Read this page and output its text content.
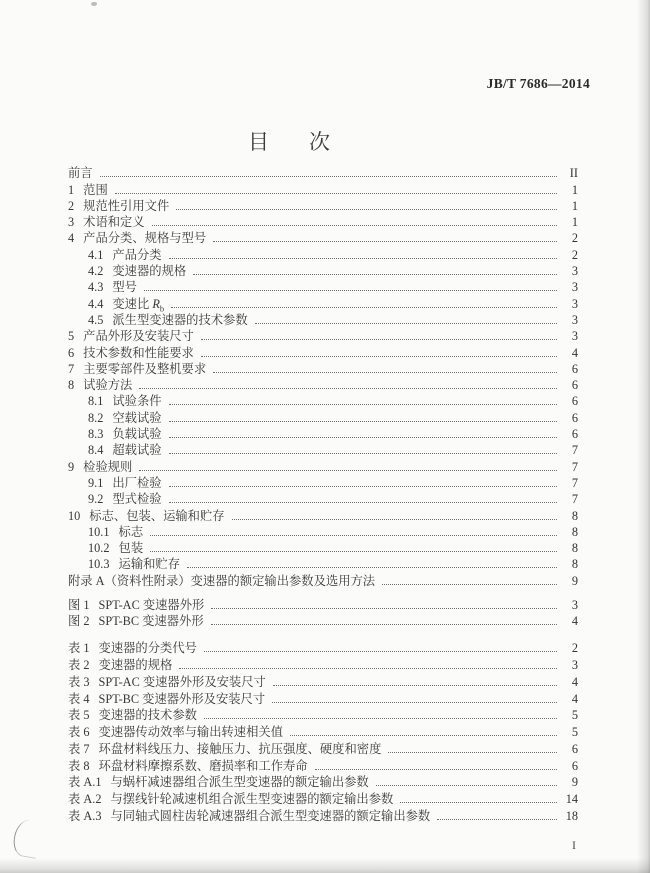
JB/T 7686—2014
目 次
前言	II
1 范围	1
2 规范性引用文件	1
3 术语和定义	1
4 产品分类、规格与型号	2
4.1 产品分类	2
4.2 变速器的规格	3
4.3 型号	3
4.4 变速比 $R_b$	3
4.5 派生型变速器的技术参数	3
5 产品外形及安装尺寸	3
6 技术参数和性能要求	4
7 主要零部件及整机要求	6
8 试验方法	6
8.1 试验条件	6
8.2 空载试验	6
8.3 负载试验	6
8.4 超载试验	7
9 检验规则	7
9.1 出厂检验	7
9.2 型式检验	7
10 标志、包装、运输和贮存	8
10.1 标志	8
10.2 包装	8
10.3 运输和贮存	8
附录 A（资料性附录）变速器的额定输出参数及选用方法	9
图 1 SPT-AC 变速器外形	3
图 2 SPT-BC 变速器外形	4
表 1 变速器的分类代号	2
表 2 变速器的规格	3
表 3 SPT-AC 变速器外形及安装尺寸	4
表 4 SPT-BC 变速器外形及安装尺寸	4
表 5 变速器的技术参数	5
表 6 变速器传动效率与输出转速相关值	5
表 7 环盘材料线压力、接触压力、抗压强度、硬度和密度	6
表 8 环盘材料摩擦系数、磨损率和工作寿命	6
表 A.1 与蜗杆减速器组合派生型变速器的额定输出参数	9
表 A.2 与摆线针轮减速机组合派生型变速器的额定输出参数	14
表 A.3 与同轴式圆柱齿轮减速器组合派生型变速器的额定输出参数	18
I
